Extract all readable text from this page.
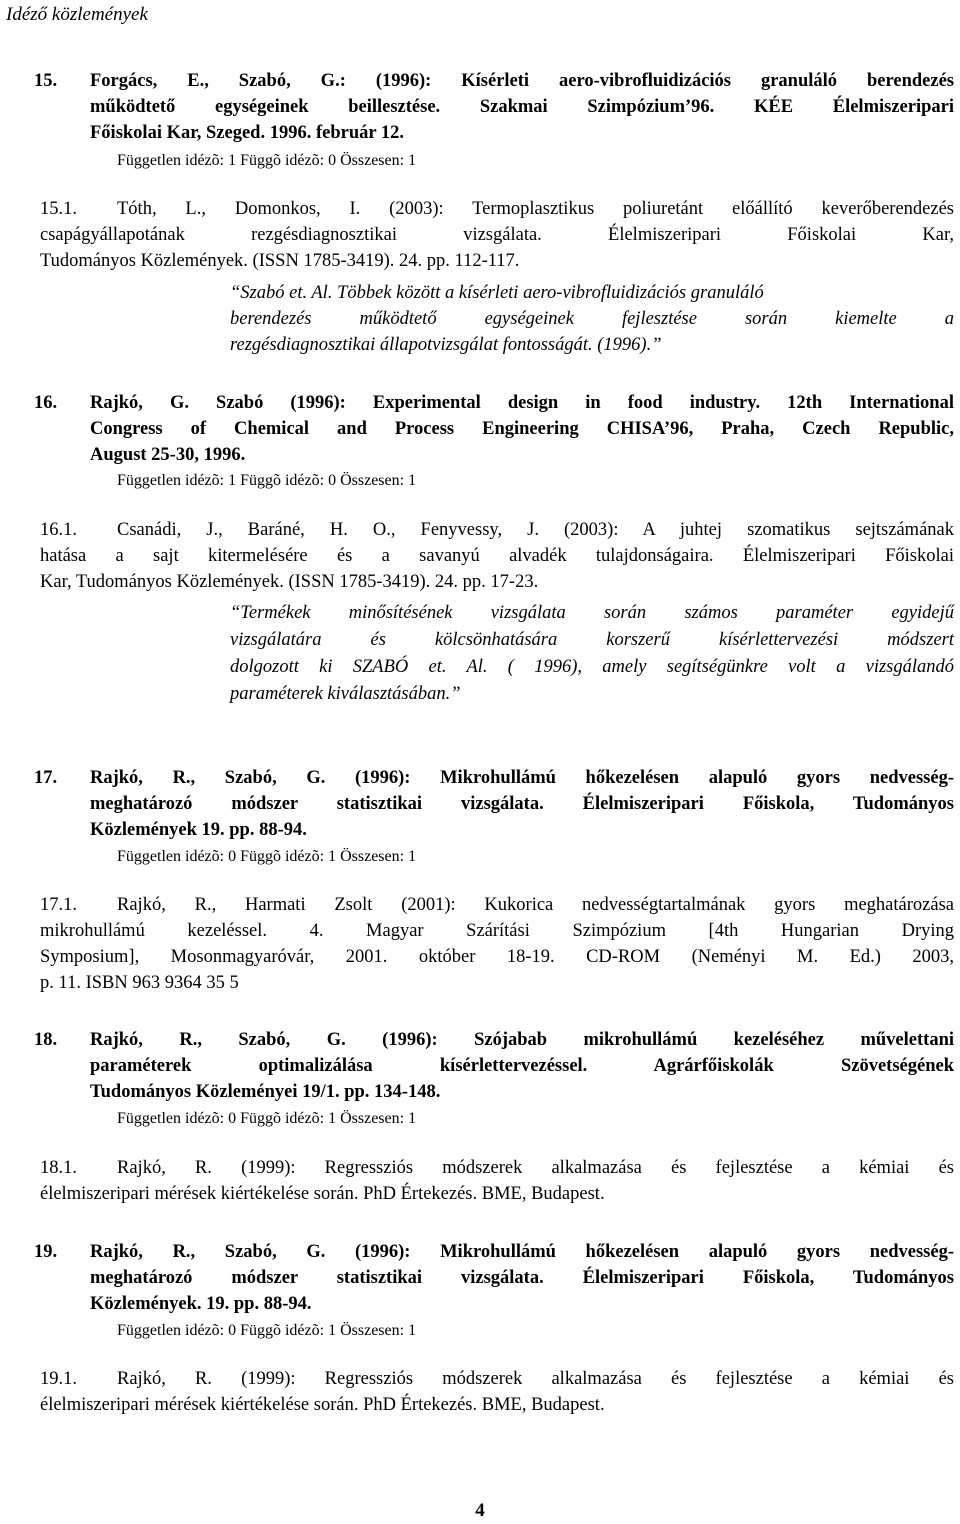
Idéző közlemények
15. Forgács, E., Szabó, G.: (1996): Kísérleti aero-vibrofluidizációs granuláló berendezés
működtető egységeinek beillesztése. Szakmai Szimpózium’96. KÉE Élelmiszeripari
Főiskolai Kar, Szeged. 1996. február 12.
Független idézõ: 1 Függõ idézõ: 0 Összesen: 1
15.1. Tóth, L., Domonkos, I. (2003): Termoplasztikus poliuretánt előállító keverőberendezés
csapágyállapotának rezgésdiagnosztikai vizsgálata. Élelmiszeripari Főiskolai Kar,
Tudományos Közlemények. (ISSN 1785-3419). 24. pp. 112-117.
“Szabó et. Al. Többek között a kísérleti aero-vibrofluidizációs granuláló
berendezés működtető egységeinek fejlesztése során kiemelte a
rezgésdiagnosztikai állapotvizsgálat fontosságát. (1996).”
16. Rajkó, G. Szabó (1996): Experimental design in food industry. 12th International
Congress of Chemical and Process Engineering CHISA’96, Praha, Czech Republic,
August 25-30, 1996.
Független idézõ: 1 Függõ idézõ: 0 Összesen: 1
16.1. Csanádi, J., Baráné, H. O., Fenyvessy, J. (2003): A juhtej szomatikus sejtszámának
hatása a sajt kitermelésére és a savanyú alvadék tulajdonságaira. Élelmiszeripari Főiskolai
Kar, Tudományos Közlemények. (ISSN 1785-3419). 24. pp. 17-23.
“Termékek minősítésének vizsgálata során számos paraméter egyidejű
vizsgálatára és kölcsönhatására korszerű kísérlettervezési módszert
dolgozott ki SZABÓ et. Al. ( 1996), amely segítségünkre volt a vizsgálandó
paraméterek kiválasztásában.”
17. Rajkó, R., Szabó, G. (1996): Mikrohullámú hőkezelésen alapuló gyors nedvesség-
meghatározó módszer statisztikai vizsgálata. Élelmiszeripari Főiskola, Tudományos
Közlemények 19. pp. 88-94.
Független idézõ: 0 Függõ idézõ: 1 Összesen: 1
17.1. Rajkó, R., Harmati Zsolt (2001): Kukorica nedvességtartalmának gyors meghatározása
mikrohullámú kezeléssel. 4. Magyar Szárítási Szimpózium [4th Hungarian Drying
Symposium], Mosonmagyaróvár, 2001. október 18-19. CD-ROM (Neményi M. Ed.) 2003,
p. 11. ISBN 963 9364 35 5
18. Rajkó, R., Szabó, G. (1996): Szójabab mikrohullámú kezeléséhez művelettani
paraméterek optimalizálása kísérlettervezéssel. Agrárfőiskolák Szövetségének
Tudományos Közleményei 19/1. pp. 134-148.
Független idézõ: 0 Függõ idézõ: 1 Összesen: 1
18.1. Rajkó, R. (1999): Regressziós módszerek alkalmazása és fejlesztése a kémiai és
élelmiszeripari mérések kiértékelése során. PhD Értekezés. BME, Budapest.
19. Rajkó, R., Szabó, G. (1996): Mikrohullámú hőkezelésen alapuló gyors nedvesség-
meghatározó módszer statisztikai vizsgálata. Élelmiszeripari Főiskola, Tudományos
Közlemények. 19. pp. 88-94.
Független idézõ: 0 Függõ idézõ: 1 Összesen: 1
19.1. Rajkó, R. (1999): Regressziós módszerek alkalmazása és fejlesztése a kémiai és
élelmiszeripari mérések kiértékelése során. PhD Értekezés. BME, Budapest.
4
